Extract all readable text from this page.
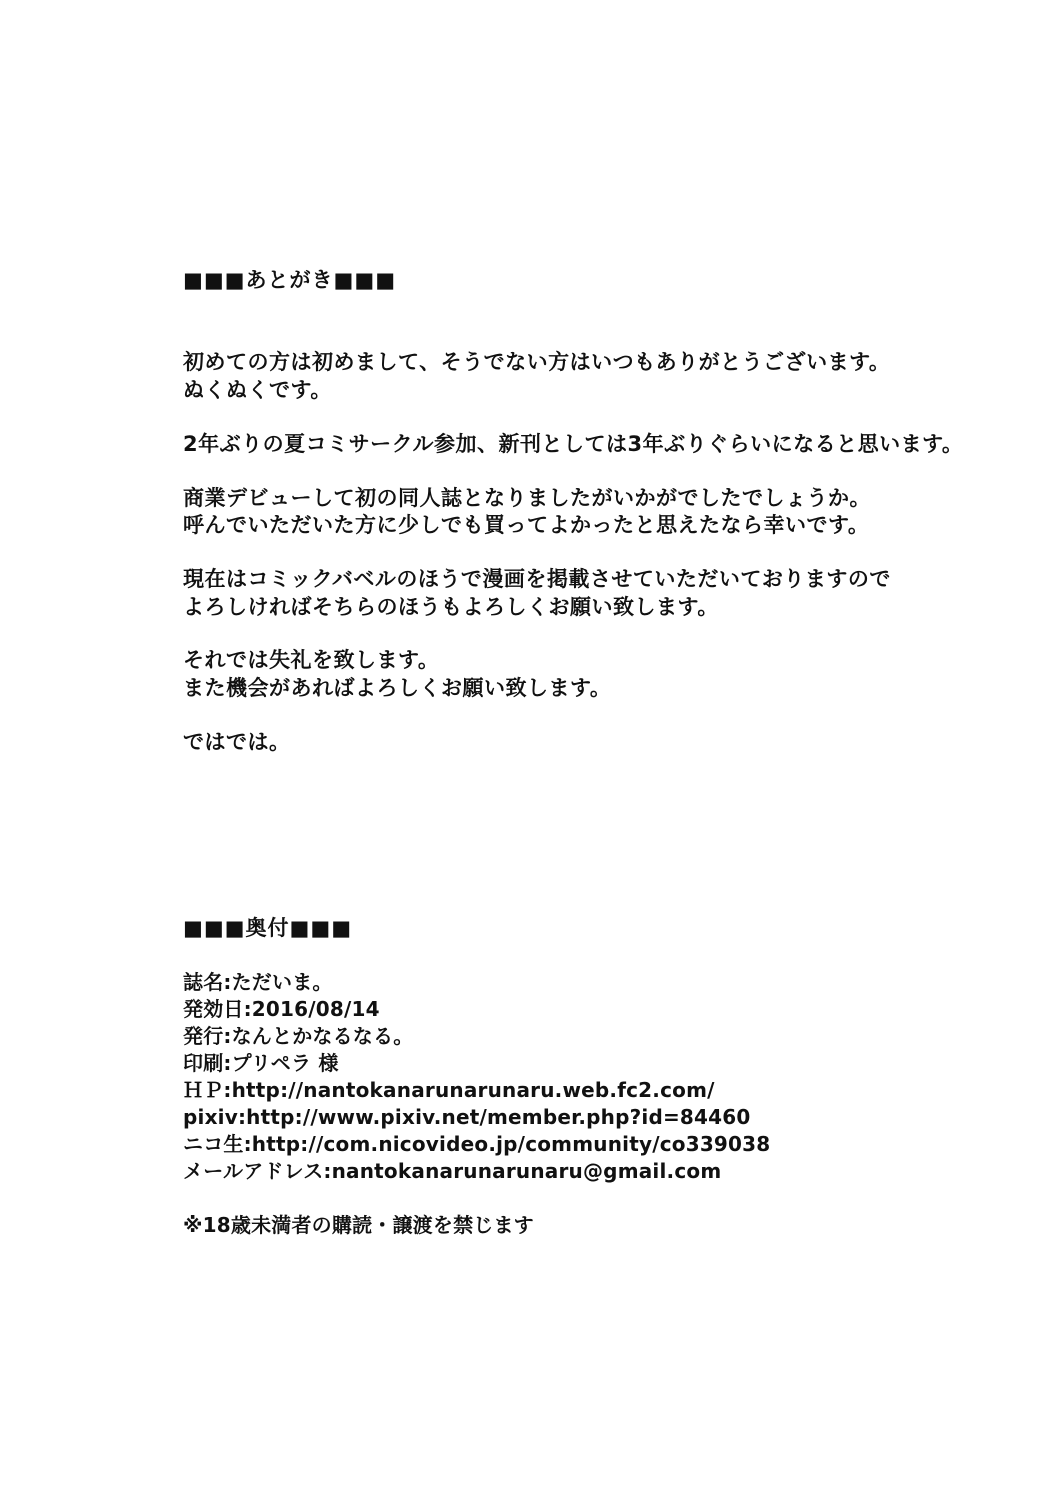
■■■あとがき■■■

初めての方は初めまして、そうでない方はいつもありがとうございます。

ぬくぬくです。

2年ぶりの夏コミサークル参加、新刊としては3年ぶりぐらいになると思います。

商業デビューして初の同人誌となりましたがいかがでしたでしょうか。

呼んでいただいた方に少しでも買ってよかったと思えたなら幸いです。

現在はコミックバベルのほうで漫画を掲載させていただいておりますので

よろしければそちらのほうもよろしくお願い致します。

それでは失礼を致します。

また機会があればよろしくお願い致します。

ではでは。

■■■奥付■■■

誌名:ただいま。

発効日:2016/08/14

発行:なんとかなるなる。

印刷:プリペラ 様

ＨＰ:http://nantokanarunarunaru.web.fc2.com/

pixiv:http://www.pixiv.net/member.php?id=84460

ニコ生:http://com.nicovideo.jp/community/co339038

メールアドレス:nantokanarunarunaru@gmail.com

※18歳未満者の購読・譲渡を禁じます
